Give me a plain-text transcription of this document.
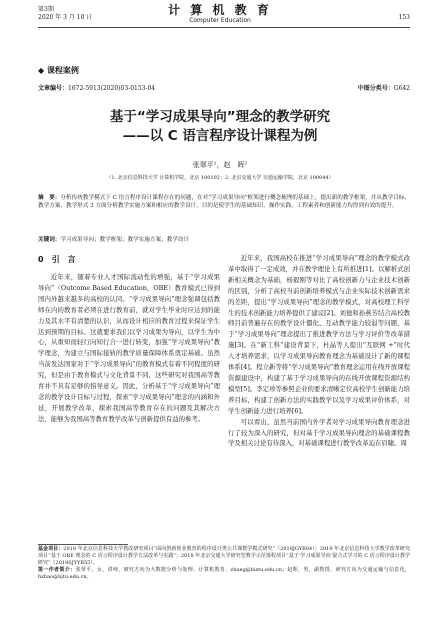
第3期
2020 年 3 月 10 日
计 算 机 教 育
Computer Education	153
◆ 课程案例
文章编号：1672-5913(2020)03-0153-04	中图分类号：G642
基于“学习成果导向”理念的教学研究
——以 C 语言程序设计课程为例
张翠平¹，赵　晖²
（1. 北京信息科技大学 计算机学院，北京 100192；2. 北京交通大学 交通运输学院，北京 100044）
摘　要：分析传统教学模式下 C 语言程序设计课程存在的问题，在对“学习成果导向”框架进行概念梳理的基础上，提出新的教学框架，并从教学目标、教学方案、教学形式 3 方面分析教学实施方案和相应的教学设计，目的是使学生的基础知识、操作实践、工程素养和创新能力均得到有效的提升。
关键词：学习成果导向；教学框架；教学实施方案；教学设计
0　引　言

近年来，随着专业人才国际流动性的增强，基于“学习成果导向”（Outcome Based Education，OBE）教育模式已得到国内外越来越多的高校的认同。“学习成果导向”理念强调包括教师在内的教育者必须在进行教育前，就对学生毕业时应达到的能力及其水平有清楚的认识，从而设计相应的教育过程来保证学生达到预期的目标。这就要求我们以学习成果为导向，以学生为中心，从重知而轻行向知行合一进行转变，加强“学习成果导向”教学理念，为建立与国际接轨的教学质量保障体系奠定基础。虽然当前发达国家对于“学习成果导向”的教育模式有着不同程度的研究，但是由于教育模式与文化背景不同，这些研究对我国高等教育并不具有足够的指导意义。因此，分析基于“学习成果导向”理念的教学设计目标与过程，探索“学习成果导向”理念的内涵和外延，开展教学改革，探索我国高等教育存在的问题及其解决方法，能够为我国高等教育教学改革与创新提供有益的参考。

近年来，我国高校在推进“学习成果导向”理念的教学模式改革中取得了一定成效，并在教学理论上有所推进[1]。以解析式创新相关概念为基础，杨毅刚等对比了高校创新力与企业技术创新的区别，分析了高校当前创新培养模式与企业实际技术创新需求的差距，提出“学习成果导向”理念的教学模式，对高校理工科学生的技术创新能力培养提供了建议[2]。刘德和孙燕芳结合高校教师目前普遍存在的教学设计僵化、互动教学能力较弱等问题，基于“学习成果导向”理念提出了推进教学方法与学习评价等改革措施[3]。在“新工科”建设背景下，杜晶等人提出“互联网 +”时代人才培养需求，以学习成果导向教育理念为基础设计了新的课程体系[4]。程立新等将“学习成果导向”教育理念运用在线开放课程资源建设中，构建了基于学习成果导向的在线开放课程资源结构模型[5]。李定珍等参照企业的要求清晰定位高校学生创新能力培养目标，构建了创新方法的实践教学以及学习成果评价体系，对学生创新能力进行培养[6]。

可以看出，虽然当前国内外学者对学习成果导向教育理念进行了较为深入的研究，但对基于学习成果导向理念的基础课程教学及相关讨论有待深入，对基础课程进行教学改革迫在眉睫。周

基金项目：2018 年北京信息科技大学教改研究项目“面向创新创业教育的程序设计类公共课教学模式研究”（2018JGYB04）；2019 年北京信息科技大学教学改革研究项目“基于 OBE 理念的 C 语言程序设计教学方法改革与实践”；2018 年北京交通大学研究型教学示范课程项目“基于‘学习成果导向’混合式学习的 C 语言程序设计教学研究”（2018SJYYB55）。
第一作者简介：张翠平，女，讲师，研究方向为大数据分析与处理、计算机教育，zhang@bistu.edu.cn；赵晖，男，副教授，研究方向为交通运输与信息化，hzhao@bjtu.edu.cn。
